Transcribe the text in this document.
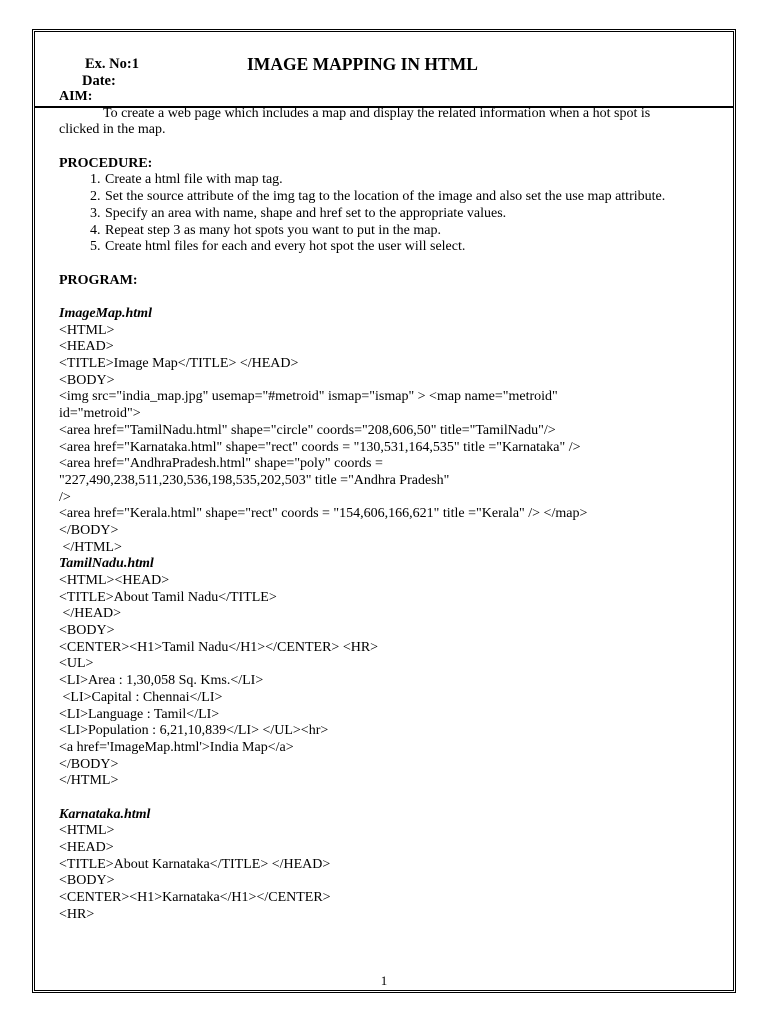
Ex. No:1
Date:
IMAGE MAPPING IN HTML
1
AIM:
To create a web page which includes a map and display the related information when a hot spot is clicked in the map.
PROCEDURE:
1. Create a html file with map tag.
2. Set the source attribute of the img tag to the location of the image and also set the use map attribute.
3. Specify an area with name, shape and href set to the appropriate values.
4. Repeat step 3 as many hot spots you want to put in the map.
5. Create html files for each and every hot spot the user will select.
PROGRAM:
ImageMap.html
<HTML>
<HEAD>
<TITLE>Image Map</TITLE> </HEAD>
<BODY>
<img src="india_map.jpg" usemap="#metroid" ismap="ismap" > <map name="metroid"
id="metroid">
<area href="TamilNadu.html" shape="circle" coords="208,606,50" title="TamilNadu"/>
<area href="Karnataka.html" shape="rect" coords = "130,531,164,535" title ="Karnataka" />
<area href="AndhraPradesh.html" shape="poly" coords =
"227,490,238,511,230,536,198,535,202,503" title ="Andhra Pradesh"
/>
<area href="Kerala.html" shape="rect" coords = "154,606,166,621" title ="Kerala" /> </map>
</BODY>
</HTML>
TamilNadu.html
<HTML><HEAD>
<TITLE>About Tamil Nadu</TITLE>
</HEAD>
<BODY>
<CENTER><H1>Tamil Nadu</H1></CENTER> <HR>
<UL>
<LI>Area : 1,30,058 Sq. Kms.</LI>
<LI>Capital : Chennai</LI>
<LI>Language : Tamil</LI>
<LI>Population : 6,21,10,839</LI> </UL><hr>
<a href='ImageMap.html'>India Map</a>
</BODY>
</HTML>
Karnataka.html
<HTML>
<HEAD>
<TITLE>About Karnataka</TITLE> </HEAD>
<BODY>
<CENTER><H1>Karnataka</H1></CENTER>
<HR>
